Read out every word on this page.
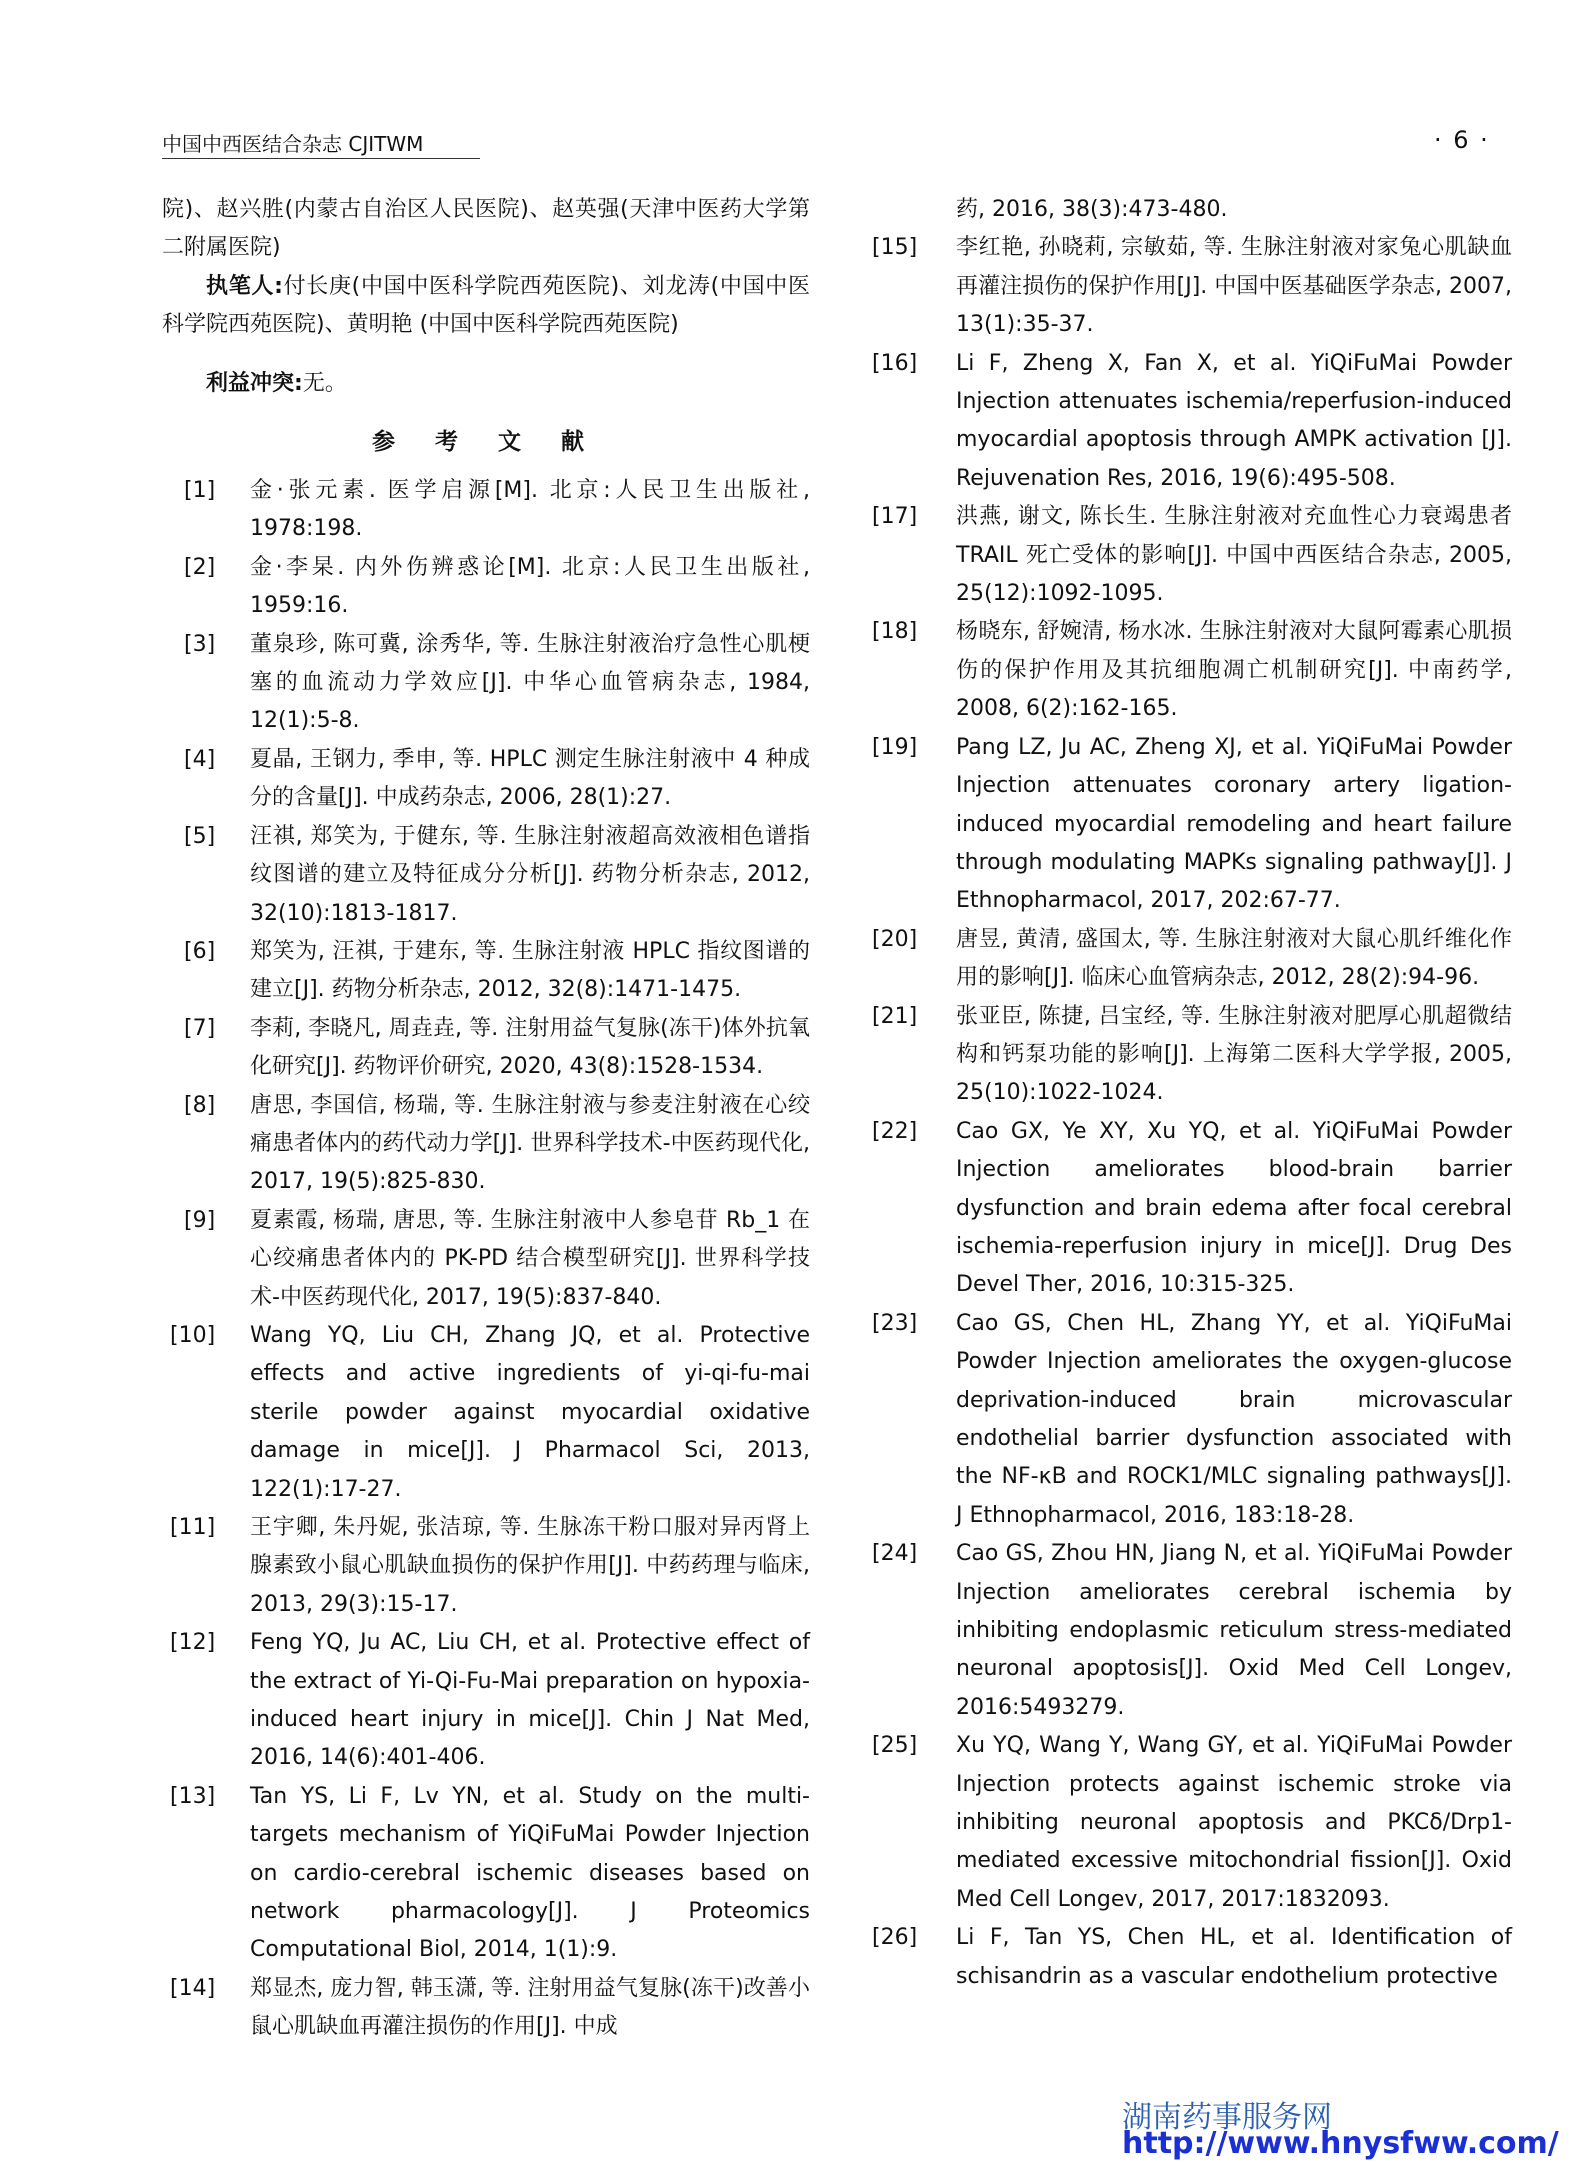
中国中西医结合杂志 CJITWM	· 6 ·
院)、赵兴胜(内蒙古自治区人民医院)、赵英强(天津中医药大学第二附属医院)
执笔人:付长庚(中国中医科学院西苑医院)、刘龙涛(中国中医科学院西苑医院)、黄明艳 (中国中医科学院西苑医院)
利益冲突:无。
参 考 文 献
[1]	金·张元素. 医学启源[M]. 北京:人民卫生出版社, 1978:198.
[2]	金·李杲. 内外伤辨惑论[M]. 北京:人民卫生出版社, 1959:16.
[3]	董泉珍, 陈可冀, 涂秀华, 等. 生脉注射液治疗急性心肌梗塞的血流动力学效应[J]. 中华心血管病杂志, 1984, 12(1):5-8.
[4]	夏晶, 王钢力, 季申, 等. HPLC 测定生脉注射液中 4 种成分的含量[J]. 中成药杂志, 2006, 28(1):27.
[5]	汪祺, 郑笑为, 于健东, 等. 生脉注射液超高效液相色谱指纹图谱的建立及特征成分分析[J]. 药物分析杂志, 2012, 32(10):1813-1817.
[6]	郑笑为, 汪祺, 于建东, 等. 生脉注射液 HPLC 指纹图谱的建立[J]. 药物分析杂志, 2012, 32(8):1471-1475.
[7]	李莉, 李晓凡, 周垚垚, 等. 注射用益气复脉(冻干)体外抗氧化研究[J]. 药物评价研究, 2020, 43(8):1528-1534.
[8]	唐思, 李国信, 杨瑞, 等. 生脉注射液与参麦注射液在心绞痛患者体内的药代动力学[J]. 世界科学技术-中医药现代化, 2017, 19(5):825-830.
[9]	夏素霞, 杨瑞, 唐思, 等. 生脉注射液中人参皂苷 Rb_1 在心绞痛患者体内的 PK-PD 结合模型研究[J]. 世界科学技术-中医药现代化, 2017, 19(5):837-840.
[10]	Wang YQ, Liu CH, Zhang JQ, et al. Protective effects and active ingredients of yi-qi-fu-mai sterile powder against myocardial oxidative damage in mice[J]. J Pharmacol Sci, 2013, 122(1):17-27.
[11]	王宇卿, 朱丹妮, 张洁琼, 等. 生脉冻干粉口服对异丙肾上腺素致小鼠心肌缺血损伤的保护作用[J]. 中药药理与临床, 2013, 29(3):15-17.
[12]	Feng YQ, Ju AC, Liu CH, et al. Protective effect of the extract of Yi-Qi-Fu-Mai preparation on hypoxia-induced heart injury in mice[J]. Chin J Nat Med, 2016, 14(6):401-406.
[13]	Tan YS, Li F, Lv YN, et al. Study on the multi-targets mechanism of YiQiFuMai Powder Injection on cardio-cerebral ischemic diseases based on network pharmacology[J]. J Proteomics Computational Biol, 2014, 1(1):9.
[14]	郑显杰, 庞力智, 韩玉潇, 等. 注射用益气复脉(冻干)改善小鼠心肌缺血再灌注损伤的作用[J]. 中成
药, 2016, 38(3):473-480.
[15]	李红艳, 孙晓莉, 宗敏茹, 等. 生脉注射液对家兔心肌缺血再灌注损伤的保护作用[J]. 中国中医基础医学杂志, 2007, 13(1):35-37.
[16]	Li F, Zheng X, Fan X, et al. YiQiFuMai Powder Injection attenuates ischemia/reperfusion-induced myocardial apoptosis through AMPK activation [J]. Rejuvenation Res, 2016, 19(6):495-508.
[17]	洪燕, 谢文, 陈长生. 生脉注射液对充血性心力衰竭患者 TRAIL 死亡受体的影响[J]. 中国中西医结合杂志, 2005, 25(12):1092-1095.
[18]	杨晓东, 舒婉清, 杨水冰. 生脉注射液对大鼠阿霉素心肌损伤的保护作用及其抗细胞凋亡机制研究[J]. 中南药学, 2008, 6(2):162-165.
[19]	Pang LZ, Ju AC, Zheng XJ, et al. YiQiFuMai Powder Injection attenuates coronary artery ligation-induced myocardial remodeling and heart failure through modulating MAPKs signaling pathway[J]. J Ethnopharmacol, 2017, 202:67-77.
[20]	唐昱, 黄清, 盛国太, 等. 生脉注射液对大鼠心肌纤维化作用的影响[J]. 临床心血管病杂志, 2012, 28(2):94-96.
[21]	张亚臣, 陈捷, 吕宝经, 等. 生脉注射液对肥厚心肌超微结构和钙泵功能的影响[J]. 上海第二医科大学学报, 2005, 25(10):1022-1024.
[22]	Cao GX, Ye XY, Xu YQ, et al. YiQiFuMai Powder Injection ameliorates blood-brain barrier dysfunction and brain edema after focal cerebral ischemia-reperfusion injury in mice[J]. Drug Des Devel Ther, 2016, 10:315-325.
[23]	Cao GS, Chen HL, Zhang YY, et al. YiQiFuMai Powder Injection ameliorates the oxygen-glucose deprivation-induced brain microvascular endothelial barrier dysfunction associated with the NF-κB and ROCK1/MLC signaling pathways[J]. J Ethnopharmacol, 2016, 183:18-28.
[24]	Cao GS, Zhou HN, Jiang N, et al. YiQiFuMai Powder Injection ameliorates cerebral ischemia by inhibiting endoplasmic reticulum stress-mediated neuronal apoptosis[J]. Oxid Med Cell Longev, 2016:5493279.
[25]	Xu YQ, Wang Y, Wang GY, et al. YiQiFuMai Powder Injection protects against ischemic stroke via inhibiting neuronal apoptosis and PKCδ/Drp1-mediated excessive mitochondrial fission[J]. Oxid Med Cell Longev, 2017, 2017:1832093.
[26]	Li F, Tan YS, Chen HL, et al. Identification of schisandrin as a vascular endothelium protective
湖南药事服务网
http://www.hnysfww.com/
